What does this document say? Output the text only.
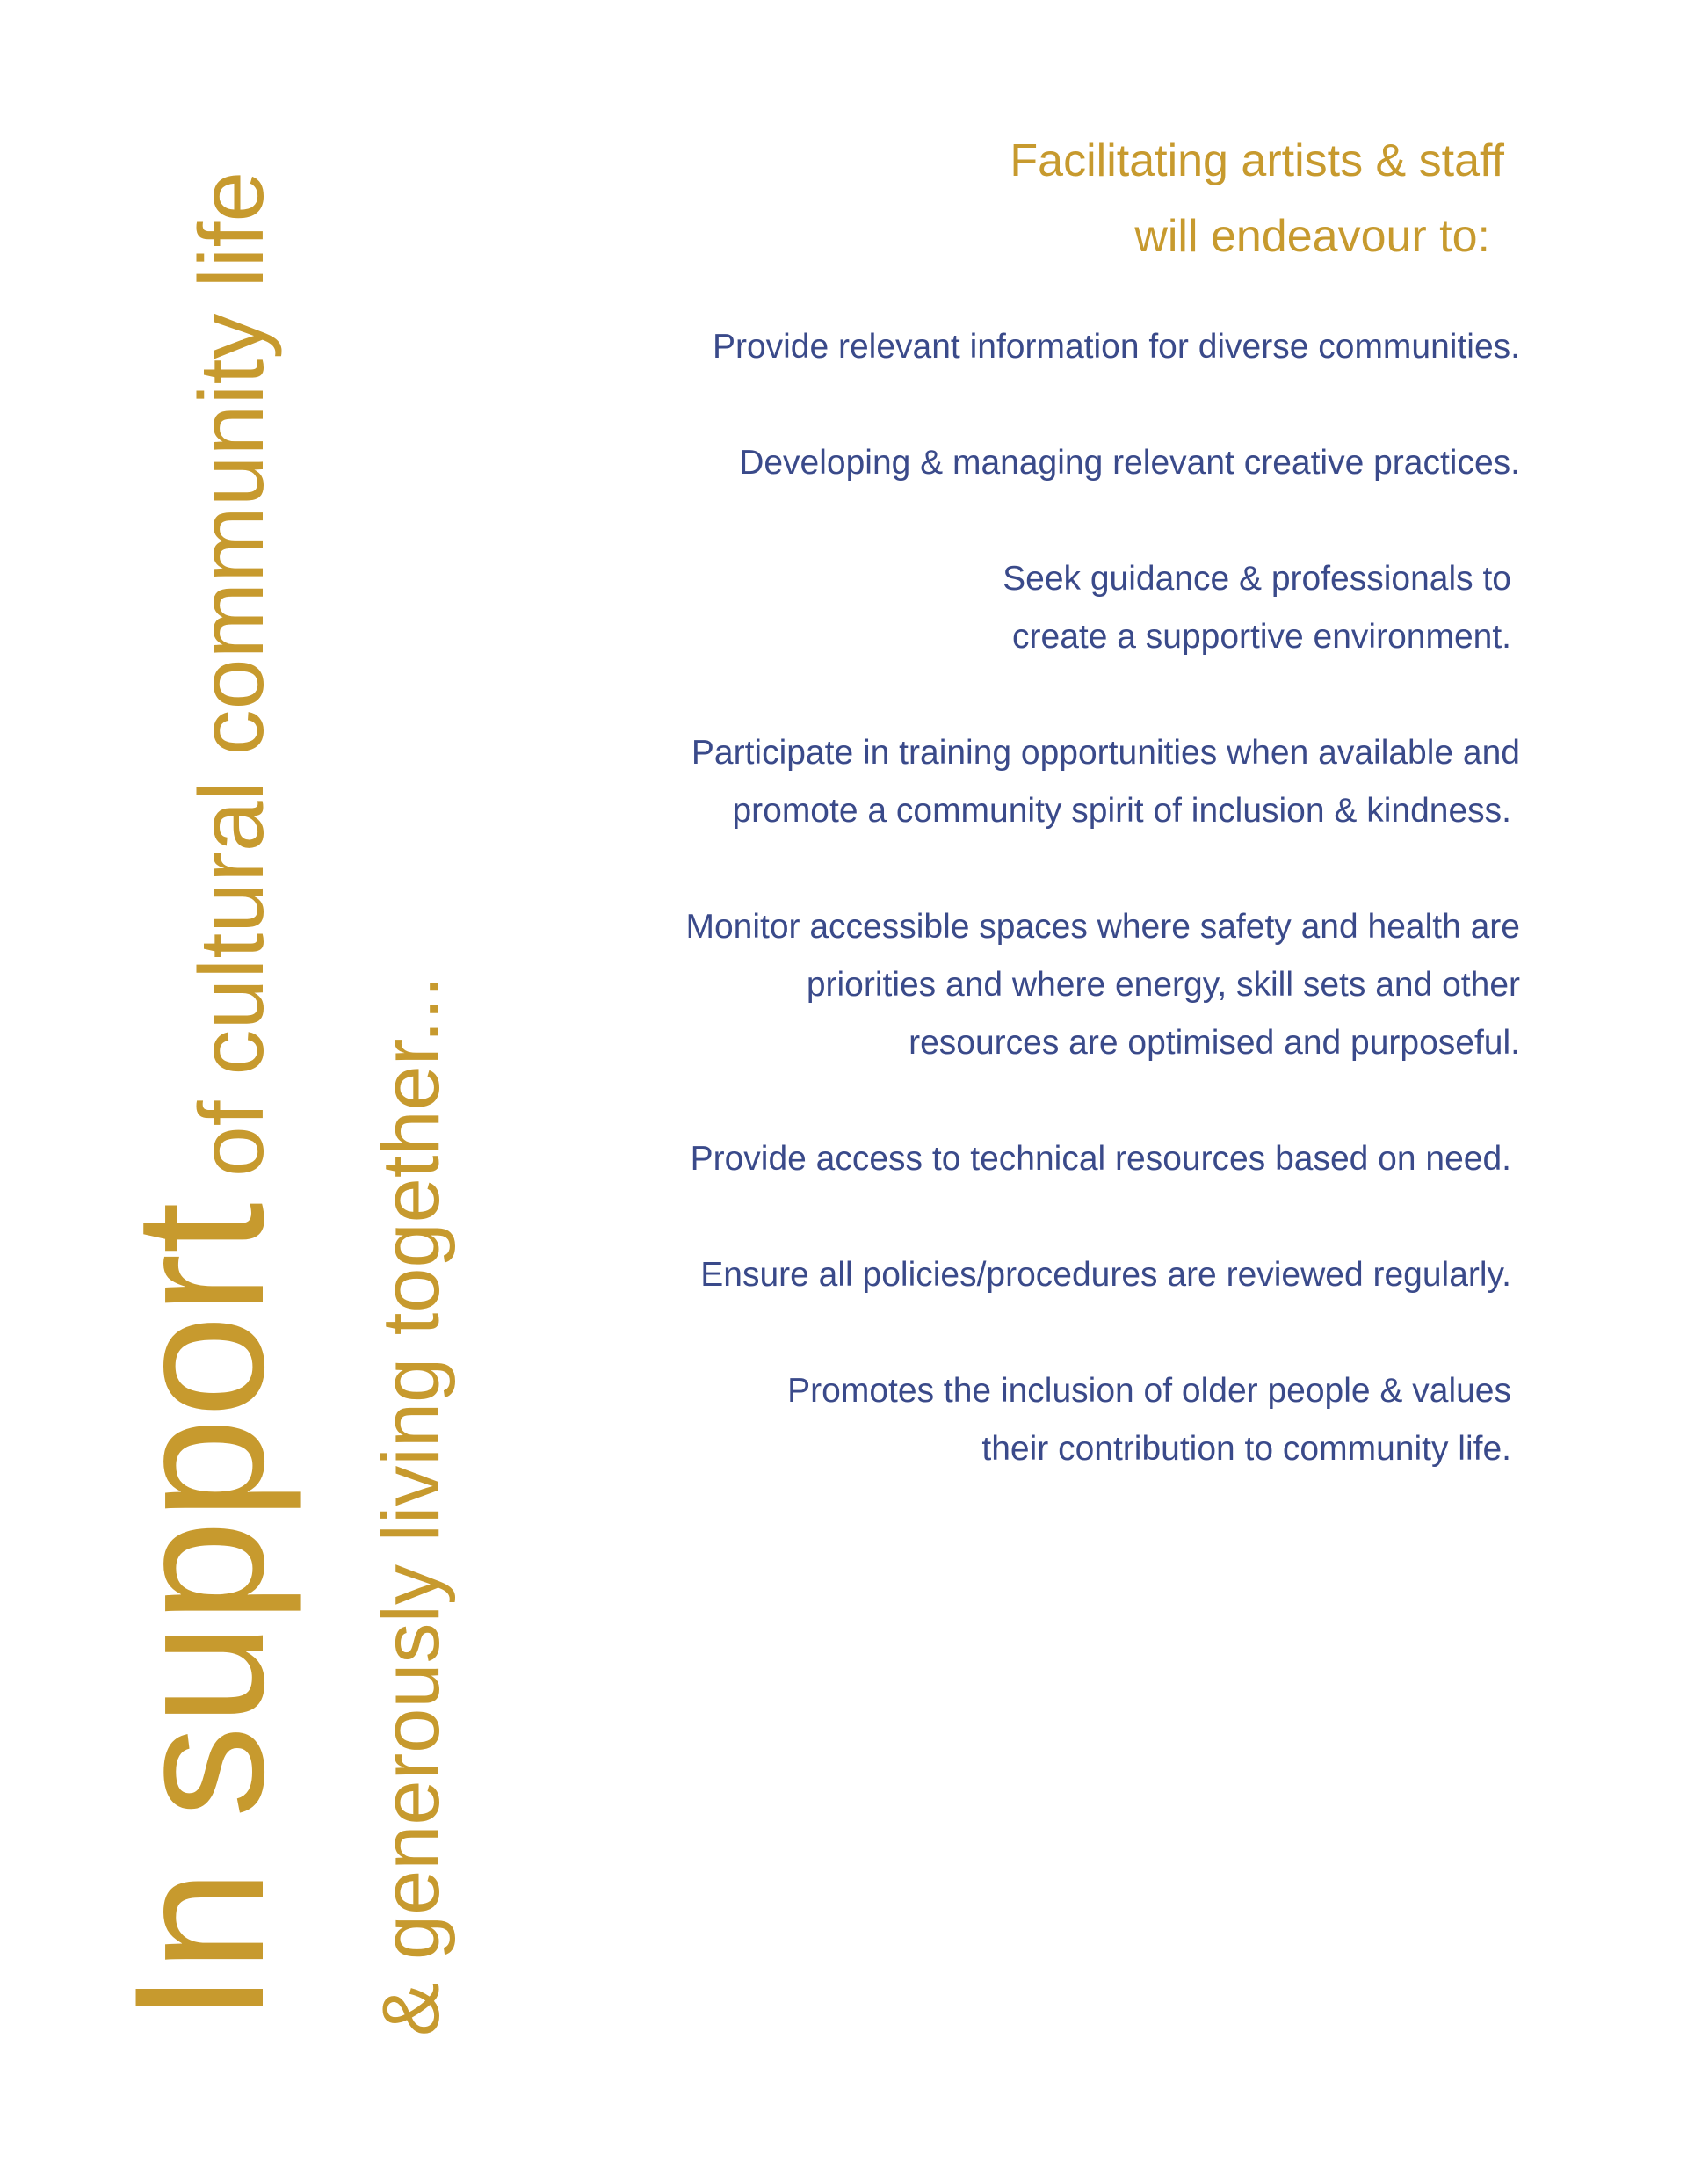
In support of cultural community life
& generously living together...
Facilitating artists & staff
will endeavour to:
Provide relevant information for diverse communities.
Developing & managing relevant creative practices.
Seek guidance & professionals to
create a supportive environment.
Participate in training opportunities when available and
promote a community spirit of inclusion & kindness.
Monitor accessible spaces where safety and health are
priorities and where energy, skill sets and other
resources are optimised and purposeful.
Provide access to technical resources based on need.
Ensure all policies/procedures are reviewed regularly.
Promotes the inclusion of older people & values
their contribution to community life.
